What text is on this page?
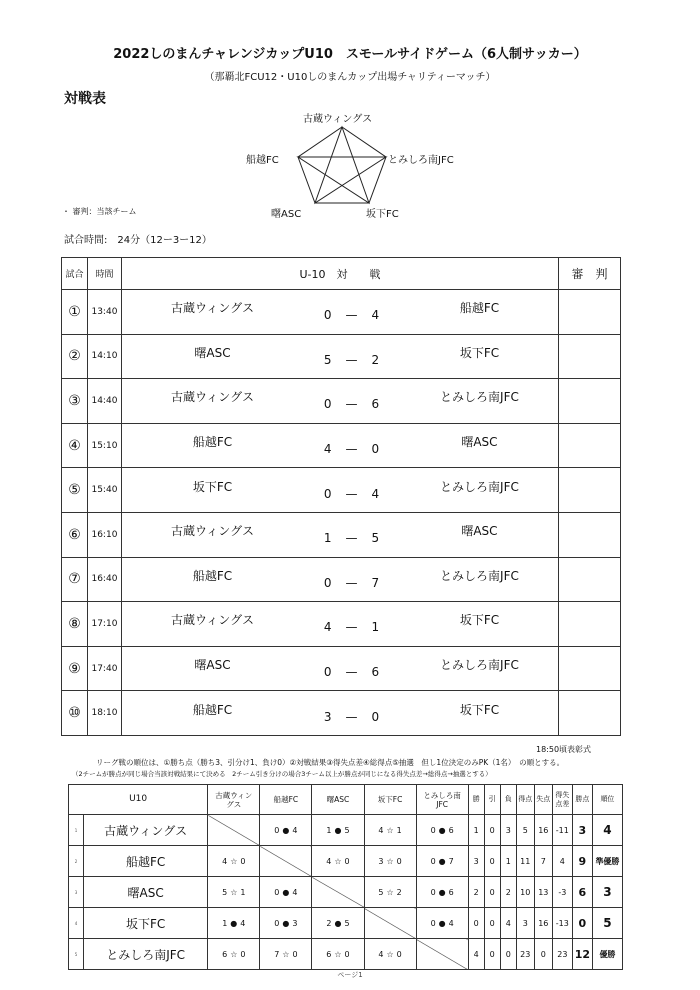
2022しのまんチャレンジカップU10　スモールサイドゲーム（6人制サッカー）
（那覇北FCU12・U10しのまんカップ出場チャリティーマッチ）
対戦表
古蔵ウィングス
船越FC	とみしろ南JFC
曙ASC	坂下FC
・ 審判：当該チーム
試合時間:　24分（12ー3ー12）
試合	時間	U-10　対　　戦			審　判
①	13:40	古蔵ウィングス	0　—　4	船越FC	

②	14:10	曙ASC	5　—　2	坂下FC	

③	14:40	古蔵ウィングス	0　—　6	とみしろ南JFC	

④	15:10	船越FC	4　—　0	曙ASC	

⑤	15:40	坂下FC	0　—　4	とみしろ南JFC	

⑥	16:10	古蔵ウィングス	1　—　5	曙ASC	

⑦	16:40	船越FC	0　—　7	とみしろ南JFC	

⑧	17:10	古蔵ウィングス	4　—　1	坂下FC	

⑨	17:40	曙ASC	0　—　6	とみしろ南JFC	

⑩	18:10	船越FC	3　—　0	坂下FC	

18:50頃表彰式
リーグ戦の順位は、①勝ち点（勝ち3、引分け1、負け0）②対戦結果③得失点差④総得点⑤抽選　但し1位決定のみPK（1名）　の順とする。
（2チームが勝点が同じ場合当該対戦結果にて決める　2チーム引き分けの場合3チーム以上が勝点が同じになる得失点差→総得点→抽選とする）
U10		古蔵ウィン
グス	船越FC	曙ASC	坂下FC	とみしろ南
JFC	勝	引	負	得点	失点	得失
点差	勝点	順位
1	古蔵ウィングス		0 ● 4	1 ● 5	4 ☆ 1	0 ● 6	1	0	3	5	16	-11	3	4
2	船越FC	4 ☆ 0		4 ☆ 0	3 ☆ 0	0 ● 7	3	0	1	11	7	4	9	準優勝
3	曙ASC	5 ☆ 1	0 ● 4		5 ☆ 2	0 ● 6	2	0	2	10	13	-3	6	3
4	坂下FC	1 ● 4	0 ● 3	2 ● 5		0 ● 4	0	0	4	3	16	-13	0	5
5	とみしろ南JFC	6 ☆ 0	7 ☆ 0	6 ☆ 0	4 ☆ 0		4	0	0	23	0	23	12	優勝
ページ1
